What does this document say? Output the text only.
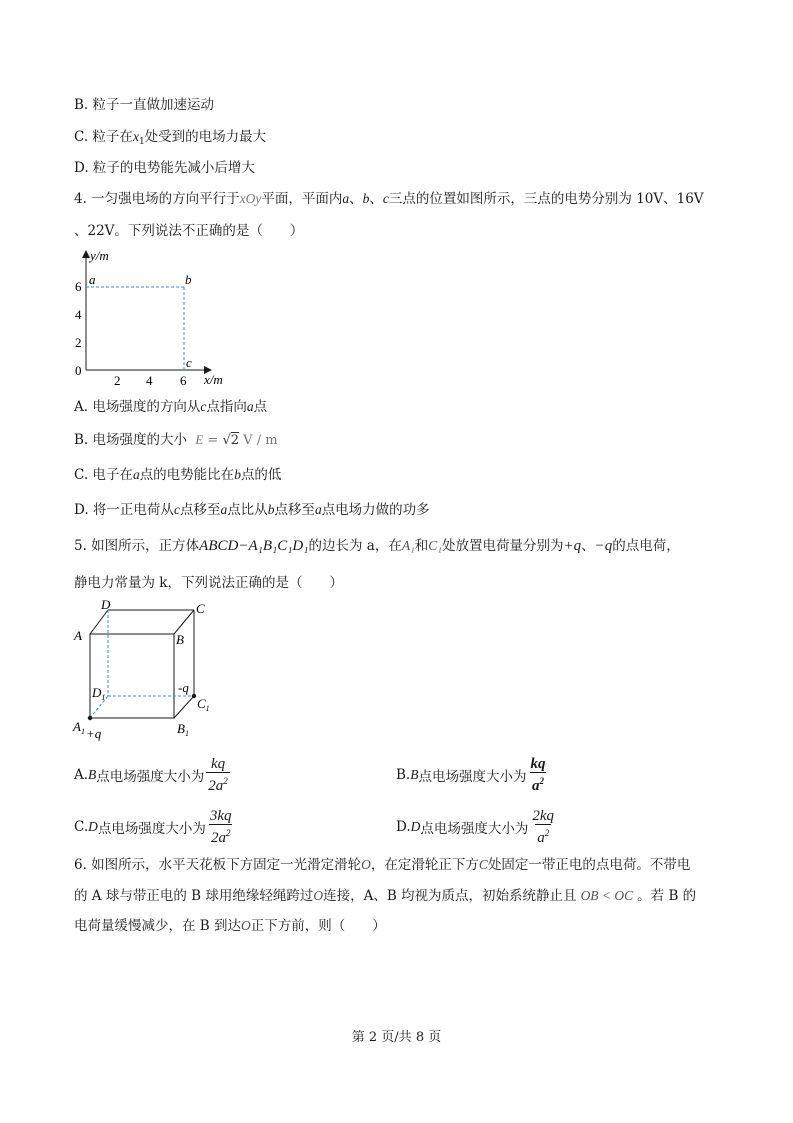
B. 粒子一直做加速运动
C. 粒子在$x_1$处受到的电场力最大
D. 粒子的电势能先减小后增大
4. 一匀强电场的方向平行于xOy平面，平面内a、b、c三点的位置如图所示，三点的电势分别为 10V、16V
、22V。下列说法不正确的是（　　）
y/m
x/m
0
2
4
6
2 4 6
a	b
c
A. 电场强度的方向从c点指向a点
B. 电场强度的大小 E = √2 V / m
C. 电子在a点的电势能比在b点的低
D. 将一正电荷从c点移至a点比从b点移至a点电场力做的功多
5. 如图所示，正方体ABCD−A₁B₁C₁D₁的边长为 a，在A₁和C₁处放置电荷量分别为+q、−q的点电荷，
静电力常量为 k，下列说法正确的是（　　）
D	C
A	B
$D_1$
-q
$C_1$
$A_1 +q$	$B_1$
A. B 点电场强度大小为 $\frac{kq}{2a^2}$	B. B 点电场强度大小为 $\frac{kq}{a^2}$
C. D 点电场强度大小为 $\frac{3kq}{2a^2}$	D. D 点电场强度大小为 $\frac{2kq}{a^2}$
6. 如图所示，水平天花板下方固定一光滑定滑轮O，在定滑轮正下方C处固定一带正电的点电荷。不带电
的 A 球与带正电的 B 球用绝缘轻绳跨过O连接，A、B 均视为质点，初始系统静止且 OB < OC 。若 B 的
电荷量缓慢减少，在 B 到达O正下方前，则（　　）
第 2 页/共 8 页
